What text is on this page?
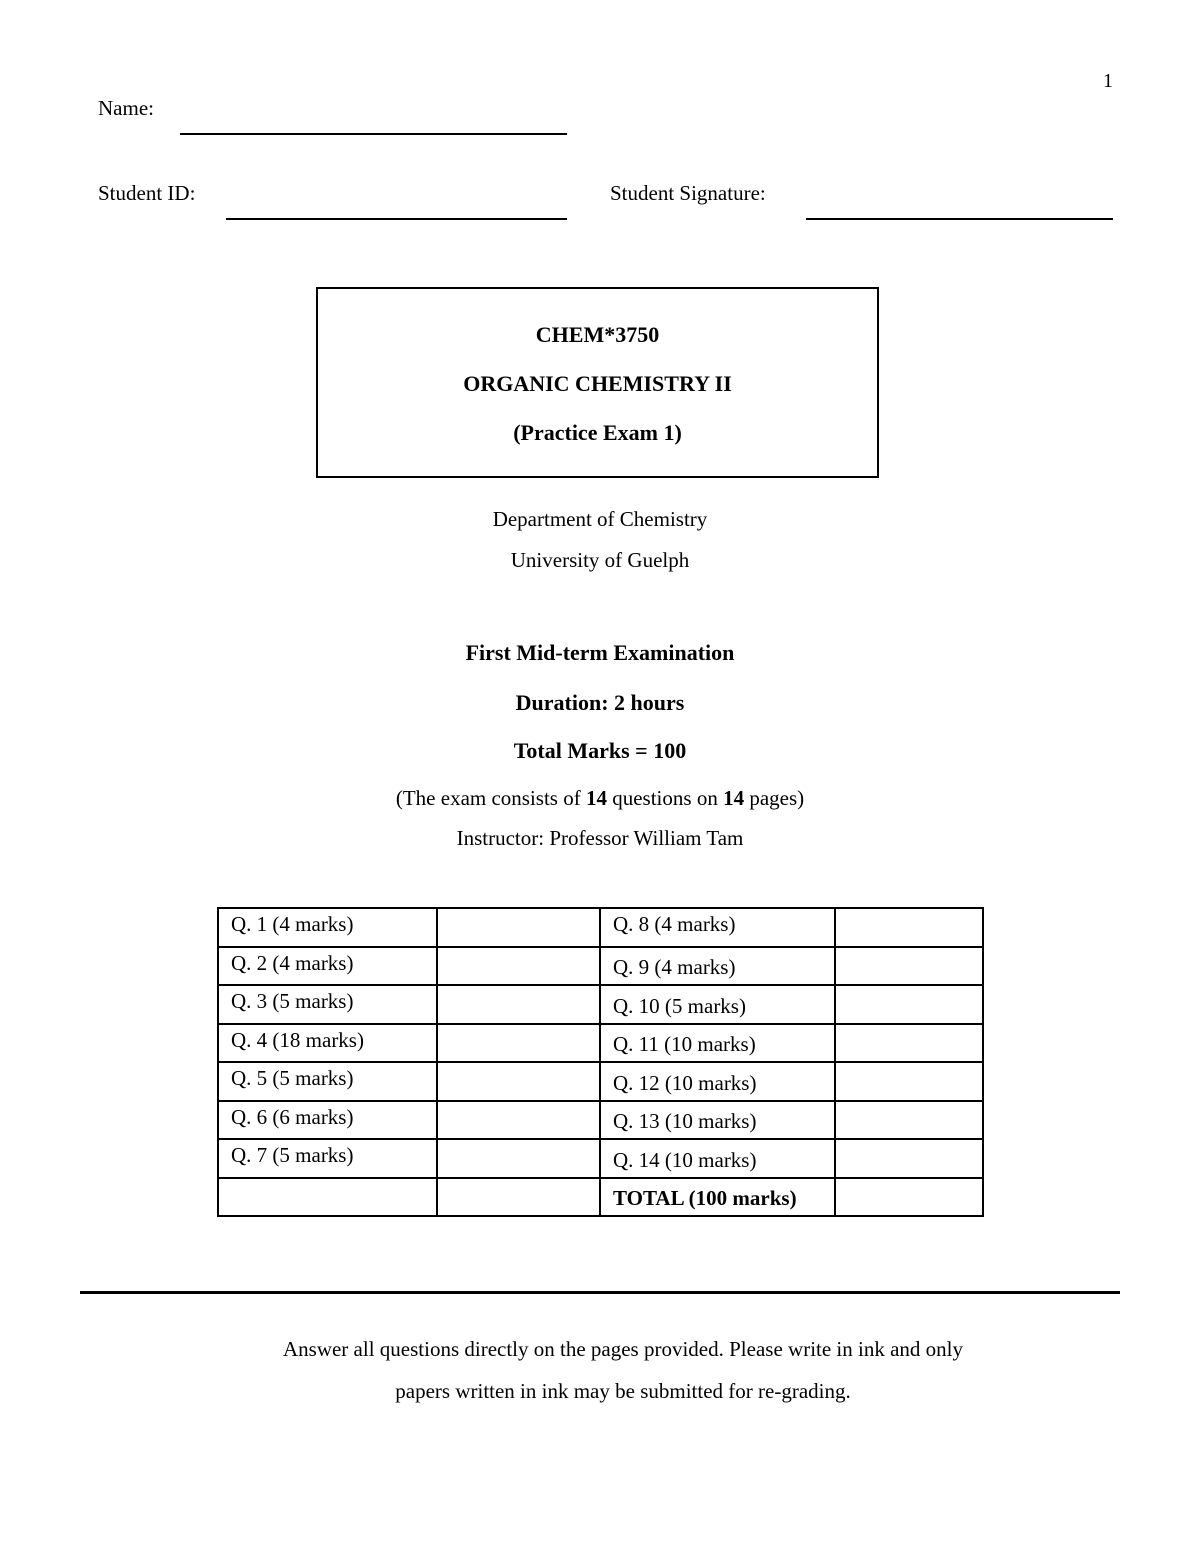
1
Name:
Student ID:	Student Signature:
CHEM*3750
ORGANIC CHEMISTRY II
(Practice Exam 1)
Department of Chemistry
University of Guelph
First Mid-term Examination
Duration: 2 hours
Total Marks = 100
(The exam consists of 14 questions on 14 pages)
Instructor: Professor William Tam
Q. 1 (4 marks)		Q. 8 (4 marks)	
Q. 2 (4 marks)		Q. 9 (4 marks)	
Q. 3 (5 marks)		Q. 10 (5 marks)	
Q. 4 (18 marks)		Q. 11 (10 marks)	
Q. 5 (5 marks)		Q. 12 (10 marks)	
Q. 6 (6 marks)		Q. 13 (10 marks)	
Q. 7 (5 marks)		Q. 14 (10 marks)	
		TOTAL (100 marks)	
Answer all questions directly on the pages provided. Please write in ink and only
papers written in ink may be submitted for re-grading.
